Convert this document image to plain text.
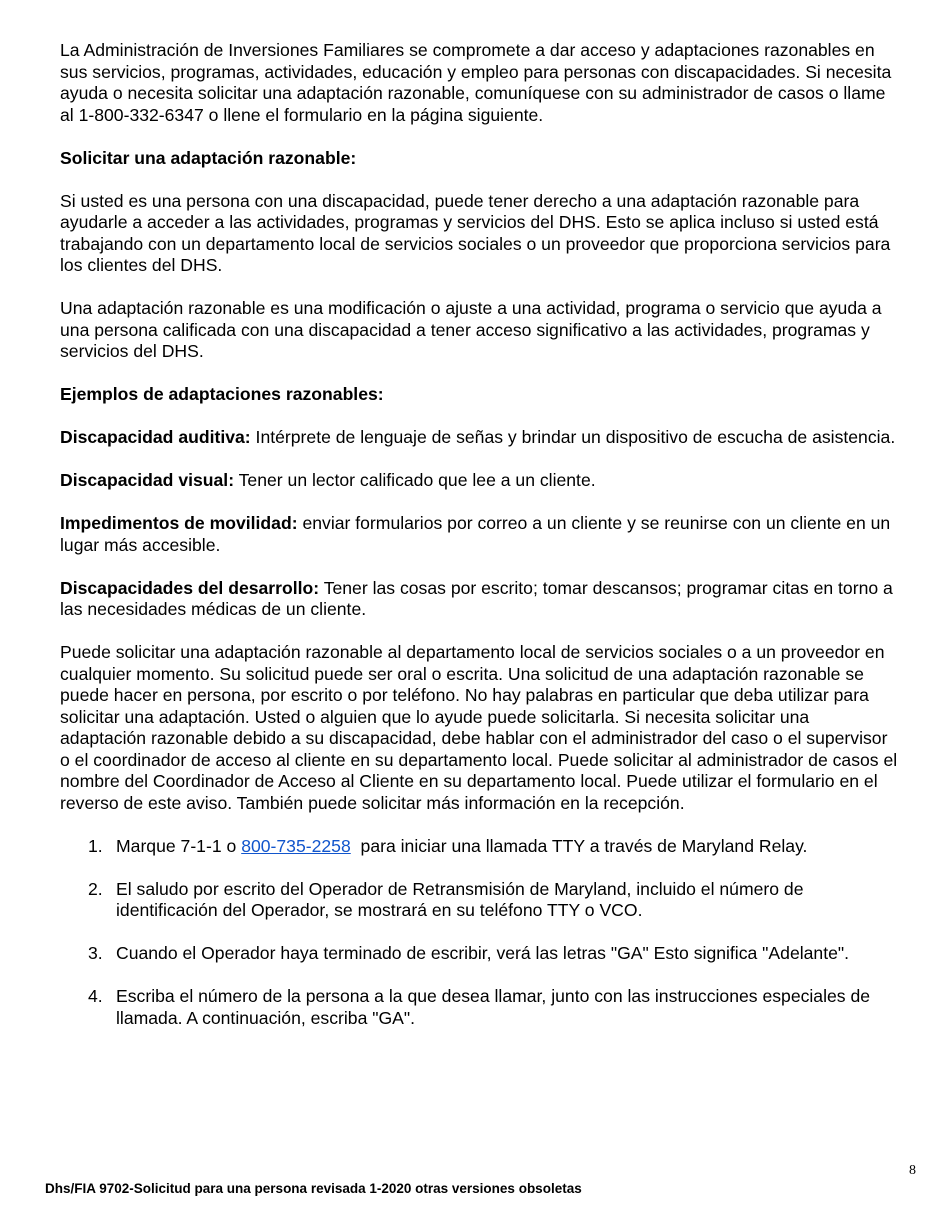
La Administración de Inversiones Familiares se compromete a dar acceso y adaptaciones razonables en sus servicios, programas, actividades, educación y empleo para personas con discapacidades. Si necesita ayuda o necesita solicitar una adaptación razonable, comuníquese con su administrador de casos o llame al 1-800-332-6347 o llene el formulario en la página siguiente.

Solicitar una adaptación razonable:

Si usted es una persona con una discapacidad, puede tener derecho a una adaptación razonable para ayudarle a acceder a las actividades, programas y servicios del DHS. Esto se aplica incluso si usted está trabajando con un departamento local de servicios sociales o un proveedor que proporciona servicios para los clientes del DHS.

Una adaptación razonable es una modificación o ajuste a una actividad, programa o servicio que ayuda a una persona calificada con una discapacidad a tener acceso significativo a las actividades, programas y servicios del DHS.

Ejemplos de adaptaciones razonables:

Discapacidad auditiva: Intérprete de lenguaje de señas y brindar un dispositivo de escucha de asistencia.

Discapacidad visual: Tener un lector calificado que lee a un cliente.

Impedimentos de movilidad: enviar formularios por correo a un cliente y se reunirse con un cliente en un lugar más accesible.

Discapacidades del desarrollo: Tener las cosas por escrito; tomar descansos; programar citas en torno a las necesidades médicas de un cliente.

Puede solicitar una adaptación razonable al departamento local de servicios sociales o a un proveedor en cualquier momento. Su solicitud puede ser oral o escrita. Una solicitud de una adaptación razonable se puede hacer en persona, por escrito o por teléfono. No hay palabras en particular que deba utilizar para solicitar una adaptación. Usted o alguien que lo ayude puede solicitarla. Si necesita solicitar una adaptación razonable debido a su discapacidad, debe hablar con el administrador del caso o el supervisor o el coordinador de acceso al cliente en su departamento local. Puede solicitar al administrador de casos el nombre del Coordinador de Acceso al Cliente en su departamento local. Puede utilizar el formulario en el reverso de este aviso. También puede solicitar más información en la recepción.

1. Marque 7-1-1 o 800-735-2258  para iniciar una llamada TTY a través de Maryland Relay.
2. El saludo por escrito del Operador de Retransmisión de Maryland, incluido el número de identificación del Operador, se mostrará en su teléfono TTY o VCO.
3. Cuando el Operador haya terminado de escribir, verá las letras "GA" Esto significa "Adelante".
4. Escriba el número de la persona a la que desea llamar, junto con las instrucciones especiales de llamada. A continuación, escriba "GA".
8
Dhs/FIA 9702-Solicitud para una persona revisada 1-2020 otras versiones obsoletas
